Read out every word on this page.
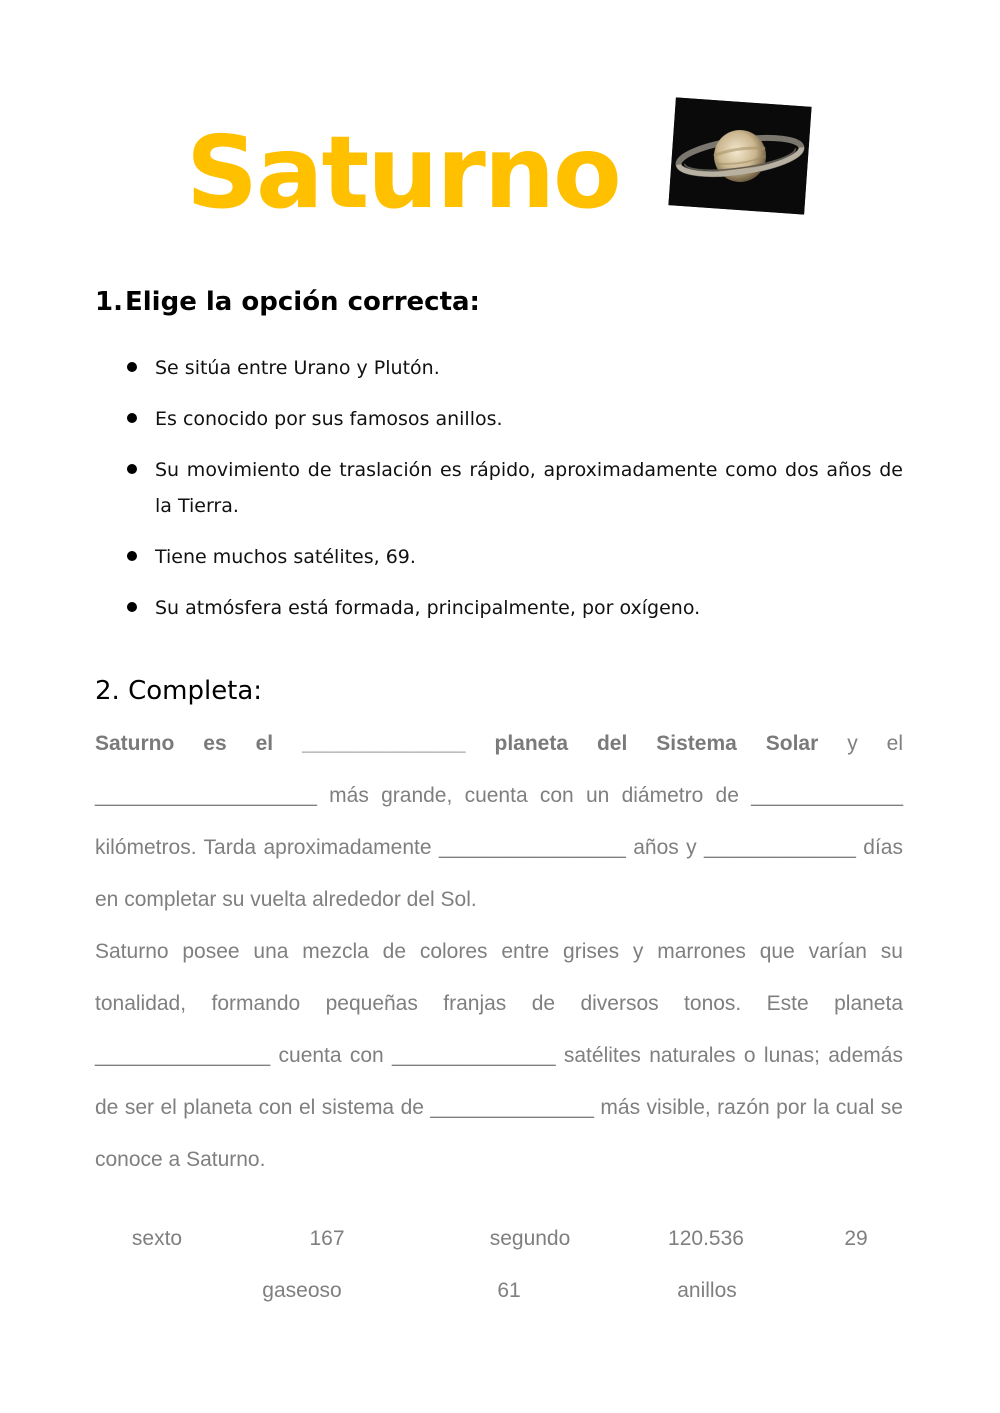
Saturno
1.Elige la opción correcta:
Se sitúa entre Urano y Plutón.
Es conocido por sus famosos anillos.
Su movimiento de traslación es rápido, aproximadamente como dos años de la Tierra.
Tiene muchos satélites, 69.
Su atmósfera está formada, principalmente, por oxígeno.
2. Completa:

Saturno es el ______________ planeta del Sistema Solar y el ___________________ más grande, cuenta con un diámetro de _____________ kilómetros. Tarda aproximadamente ________________ años y _____________ días en completar su vuelta alrededor del Sol.

Saturno posee una mezcla de colores entre grises y marrones que varían su tonalidad, formando pequeñas franjas de diversos tonos. Este planeta _______________ cuenta con ______________ satélites naturales o lunas; además de ser el planeta con el sistema de ______________ más visible, razón por la cual se conoce a Saturno.

sexto	167	segundo	120.536	29
gaseoso	61	anillos
